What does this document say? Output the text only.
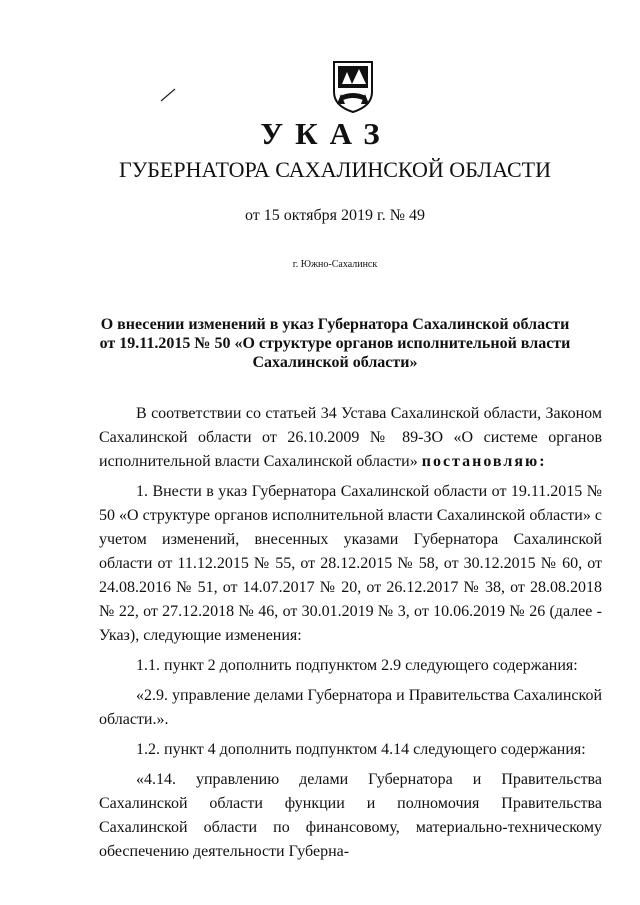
УКАЗ
ГУБЕРНАТОРА САХАЛИНСКОЙ ОБЛАСТИ
от 15 октября 2019 г. № 49
г. Южно-Сахалинск
О внесении изменений в указ Губернатора Сахалинской области
от 19.11.2015 № 50 «О структуре органов исполнительной власти
Сахалинской области»

В соответствии со статьей 34 Устава Сахалинской области, Законом Сахалинской области от 26.10.2009 № 89-ЗО «О системе органов исполнительной власти Сахалинской области» постановляю:

1. Внести в указ Губернатора Сахалинской области от 19.11.2015 № 50 «О структуре органов исполнительной власти Сахалинской области» с учетом изменений, внесенных указами Губернатора Сахалинской области от 11.12.2015 № 55, от 28.12.2015 № 58, от 30.12.2015 № 60, от 24.08.2016 № 51, от 14.07.2017 № 20, от 26.12.2017 № 38, от 28.08.2018 № 22, от 27.12.2018 № 46, от 30.01.2019 № 3, от 10.06.2019 № 26 (далее - Указ), следующие изменения:

1.1. пункт 2 дополнить подпунктом 2.9 следующего содержания:

«2.9. управление делами Губернатора и Правительства Сахалинской области.».

1.2. пункт 4 дополнить подпунктом 4.14 следующего содержания:

«4.14. управлению делами Губернатора и Правительства Сахалинской области функции и полномочия Правительства Сахалинской области по финансовому, материально-техническому обеспечению деятельности Губерна-
